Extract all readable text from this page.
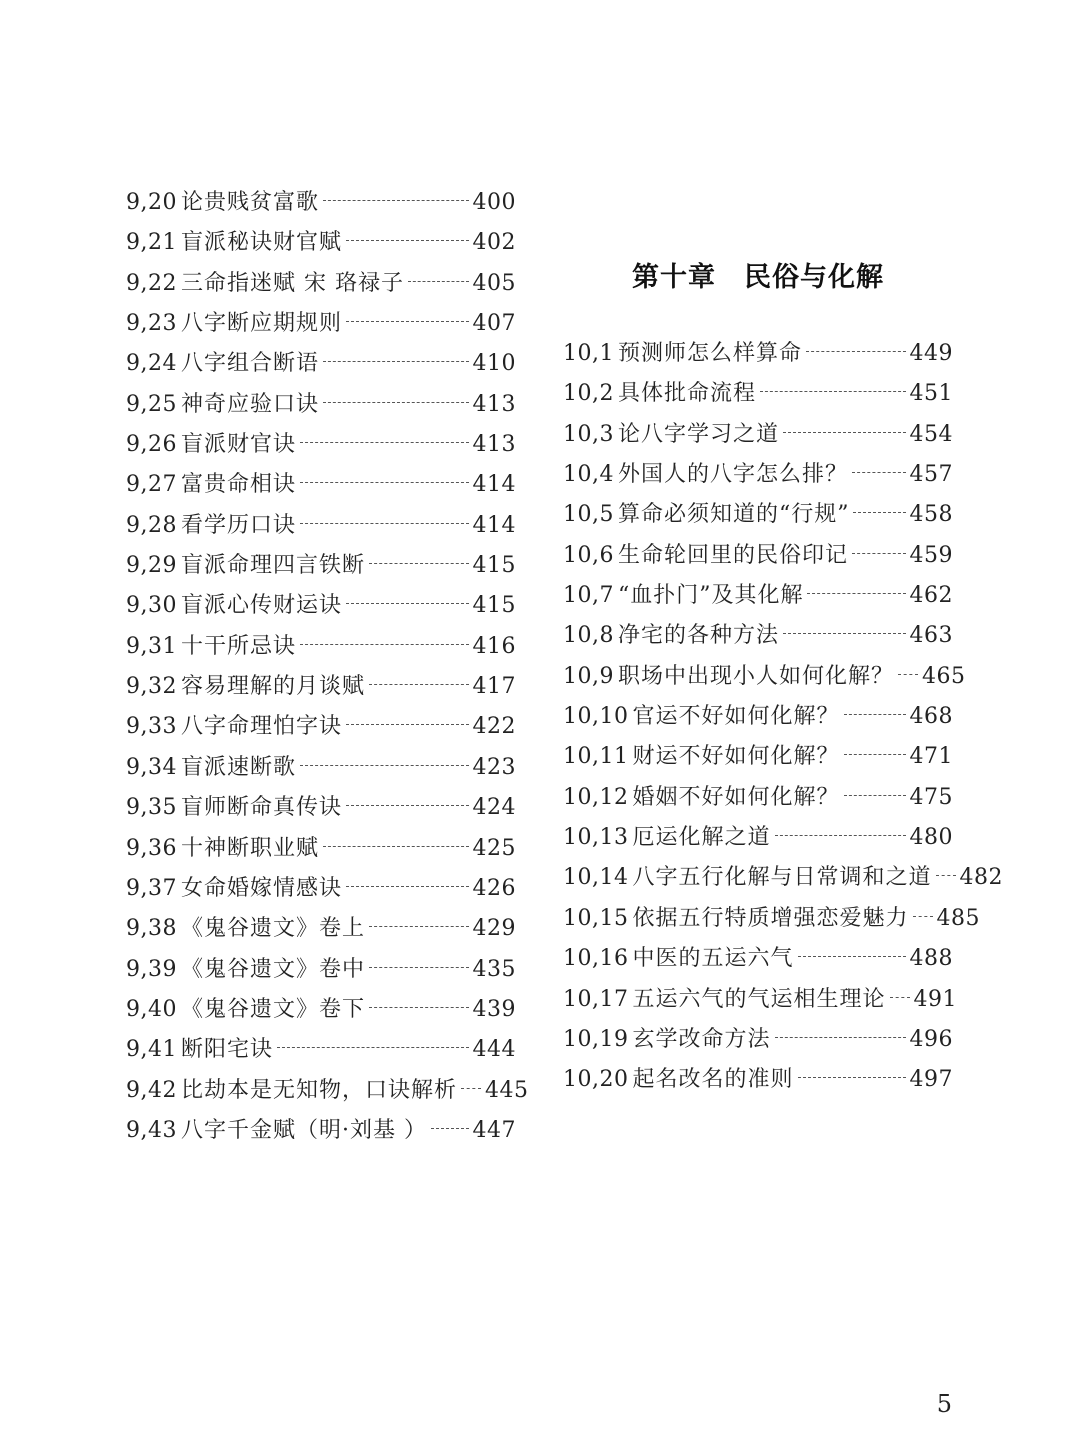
9,20 论贵贱贫富歌	400
9,21 盲派秘诀财官赋	402
9,22 三命指迷赋 宋 珞禄子	405
9,23 八字断应期规则	407
9,24 八字组合断语	410
9,25 神奇应验口诀	413
9,26 盲派财官诀	413
9,27 富贵命相诀	414
9,28 看学历口诀	414
9,29 盲派命理四言铁断	415
9,30 盲派心传财运诀	415
9,31 十干所忌诀	416
9,32 容易理解的月谈赋	417
9,33 八字命理怕字诀	422
9,34 盲派速断歌	423
9,35 盲师断命真传诀	424
9,36 十神断职业赋	425
9,37 女命婚嫁情感诀	426
9,38 《鬼谷遗文》卷上	429
9,39 《鬼谷遗文》卷中	435
9,40 《鬼谷遗文》卷下	439
9,41 断阳宅诀	444
9,42 比劫本是无知物，口诀解析 445
9,43 八字千金赋（明·刘基 ） 447
第十章　民俗与化解
10,1 预测师怎么样算命	449
10,2 具体批命流程	451
10,3 论八字学习之道	454
10,4 外国人的八字怎么排？	457
10,5 算命必须知道的“行规”	458
10,6 生命轮回里的民俗印记	459
10,7 “血扑门”及其化解	462
10,8 净宅的各种方法	463
10,9 职场中出现小人如何化解？ 465
10,10 官运不好如何化解？	468
10,11 财运不好如何化解？	471
10,12 婚姻不好如何化解？	475
10,13 厄运化解之道	480
10,14 八字五行化解与日常调和之道 482
10,15 依据五行特质增强恋爱魅力 485
10,16 中医的五运六气	488
10,17 五运六气的气运相生理论 491
10,19 玄学改命方法	496
10,20 起名改名的准则	497
5
